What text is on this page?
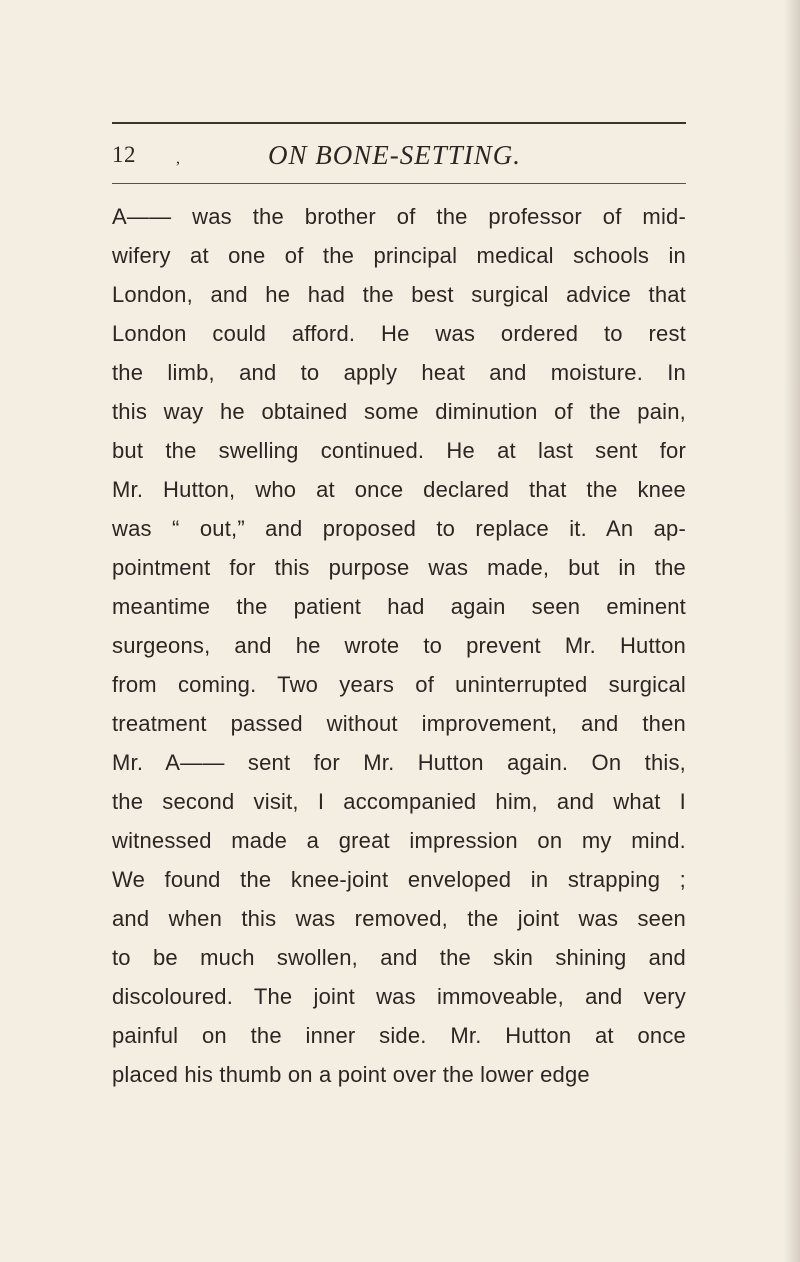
12	,	ON BONE-SETTING.
A—— was the brother of the professor of mid-
wifery at one of the principal medical schools in
London, and he had the best surgical advice that
London could afford. He was ordered to rest
the limb, and to apply heat and moisture. In
this way he obtained some diminution of the pain,
but the swelling continued. He at last sent for
Mr. Hutton, who at once declared that the knee
was “ out,” and proposed to replace it. An ap-
pointment for this purpose was made, but in the
meantime the patient had again seen eminent
surgeons, and he wrote to prevent Mr. Hutton
from coming. Two years of uninterrupted surgical
treatment passed without improvement, and then
Mr. A—— sent for Mr. Hutton again. On this,
the second visit, I accompanied him, and what I
witnessed made a great impression on my mind.
We found the knee-joint enveloped in strapping ;
and when this was removed, the joint was seen
to be much swollen, and the skin shining and
discoloured. The joint was immoveable, and very
painful on the inner side. Mr. Hutton at once
placed his thumb on a point over the lower edge
